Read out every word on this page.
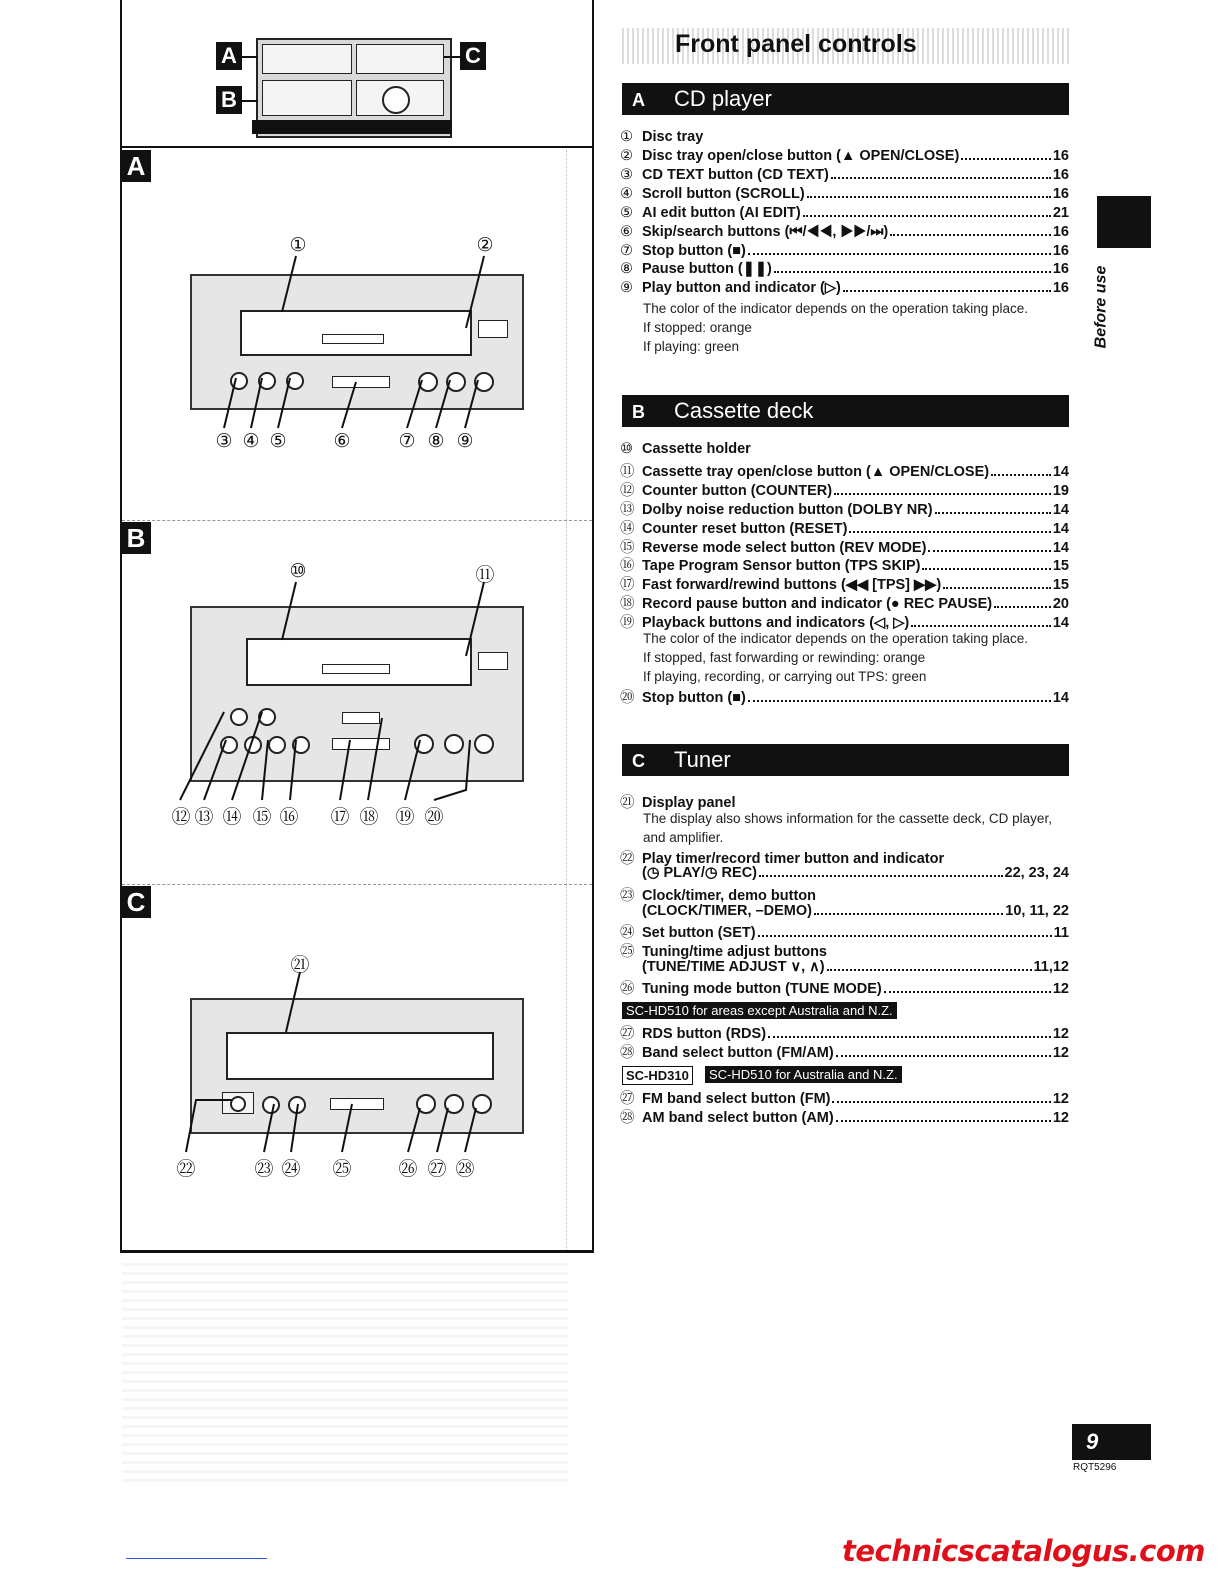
A
B
C
A
①	②
③ ④ ⑤ ⑥	⑦ ⑧ ⑨
B
⑩	⑪
⑫ ⑬ ⑭ ⑮ ⑯ ⑰ ⑱ ⑲ ⑳
C
㉑
㉒	㉓ ㉔ ㉕ ㉖ ㉗ ㉘
Front panel controls
A CD player
① Disc tray
② Disc tray open/close button (▲ OPEN/CLOSE)	16
③ CD TEXT button (CD TEXT)	16
④ Scroll button (SCROLL)	16
⑤ AI edit button (AI EDIT)	21
⑥ Skip/search buttons (⏮/◀◀, ▶▶/⏭)	16
⑦ Stop button (■)	16
⑧ Pause button (❚❚)	16
⑨ Play button and indicator (▷)	16
The color of the indicator depends on the operation taking place.
If stopped: orange
If playing: green
B Cassette deck
⑩ Cassette holder
⑪ Cassette tray open/close button (▲ OPEN/CLOSE)	14
⑫ Counter button (COUNTER)	19
⑬ Dolby noise reduction button (DOLBY NR)	14
⑭ Counter reset button (RESET)	14
⑮ Reverse mode select button (REV MODE)	14
⑯ Tape Program Sensor button (TPS SKIP)	15
⑰ Fast forward/rewind buttons (◀◀ [TPS] ▶▶)	15
⑱ Record pause button and indicator (● REC PAUSE)	20
⑲ Playback buttons and indicators (◁, ▷)	14
The color of the indicator depends on the operation taking place.
If stopped, fast forwarding or rewinding: orange
If playing, recording, or carrying out TPS: green
⑳ Stop button (■)	14
C Tuner
㉑ Display panel
The display also shows information for the cassette deck, CD player, and amplifier.
㉒ Play timer/record timer button and indicator
(◷ PLAY/◷ REC)	22, 23, 24
㉓ Clock/timer, demo button
(CLOCK/TIMER, –DEMO)	10, 11, 22
㉔ Set button (SET)	11
㉕ Tuning/time adjust buttons
(TUNE/TIME ADJUST ∨, ∧)	11,12
㉖ Tuning mode button (TUNE MODE)	12
SC-HD510 for areas except Australia and N.Z.
㉗ RDS button (RDS)	12
㉘ Band select button (FM/AM)	12
SC-HD310	SC-HD510 for Australia and N.Z.
㉗ FM band select button (FM)	12
㉘ AM band select button (AM)	12
Before use
9
RQT5296
technicscatalogus.com
